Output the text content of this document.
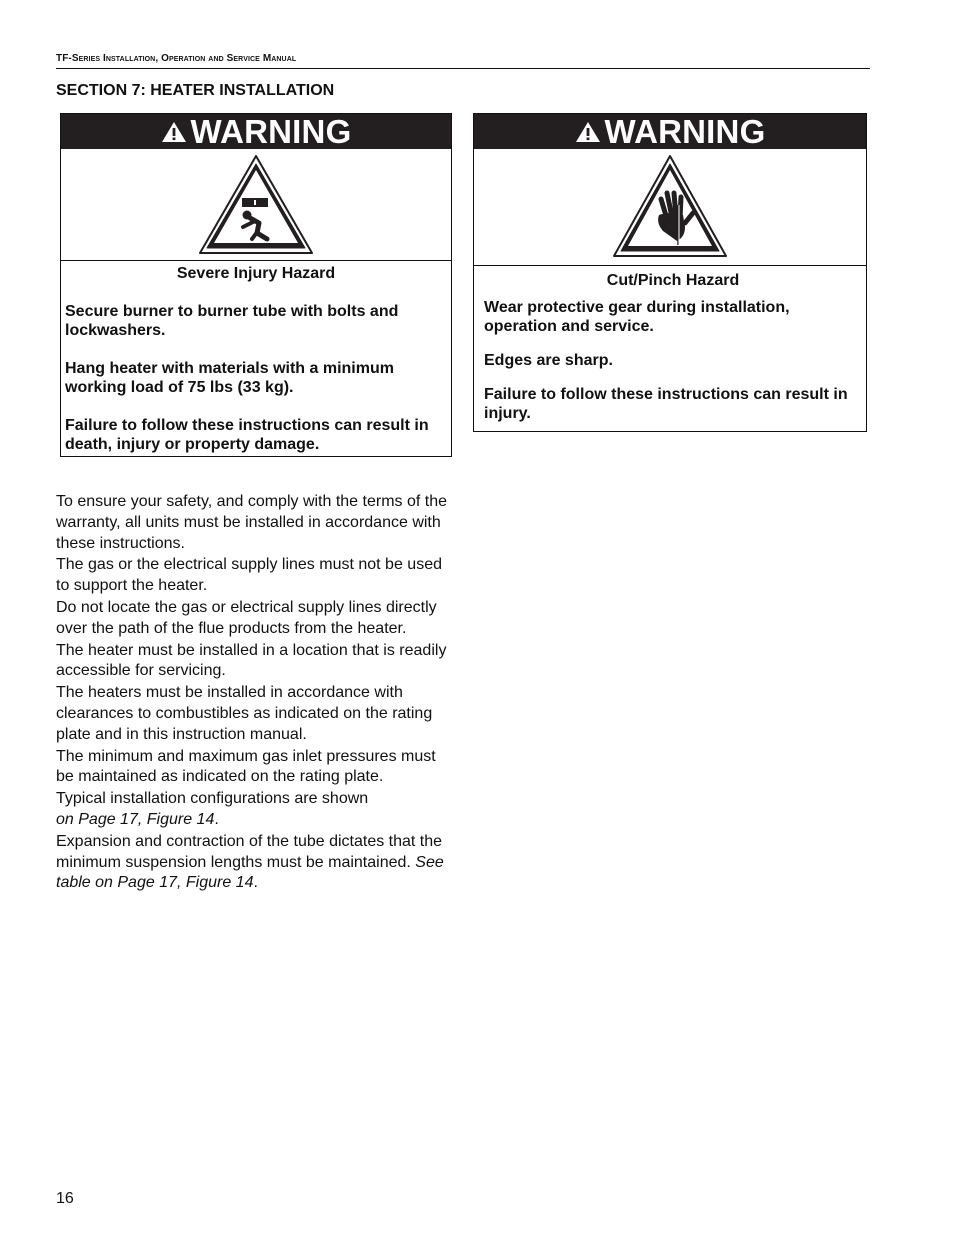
TF-Series Installation, Operation and Service Manual
SECTION 7: HEATER INSTALLATION
WARNING
Severe Injury Hazard

Secure burner to burner tube with bolts and lockwashers.

Hang heater with materials with a minimum working load of 75 lbs (33 kg).

Failure to follow these instructions can result in death, injury or property damage.

WARNING
Cut/Pinch Hazard

Wear protective gear during installation, operation and service.

Edges are sharp.

Failure to follow these instructions can result in injury.

To ensure your safety, and comply with the terms of the warranty, all units must be installed in accordance with these instructions.

The gas or the electrical supply lines must not be used to support the heater.

Do not locate the gas or electrical supply lines directly over the path of the flue products from the heater.

The heater must be installed in a location that is readily accessible for servicing.

The heaters must be installed in accordance with clearances to combustibles as indicated on the rating plate and in this instruction manual.

The minimum and maximum gas inlet pressures must be maintained as indicated on the rating plate.

Typical installation configurations are shown
on Page 17, Figure 14.

Expansion and contraction of the tube dictates that the minimum suspension lengths must be maintained. See table on Page 17, Figure 14.

16
